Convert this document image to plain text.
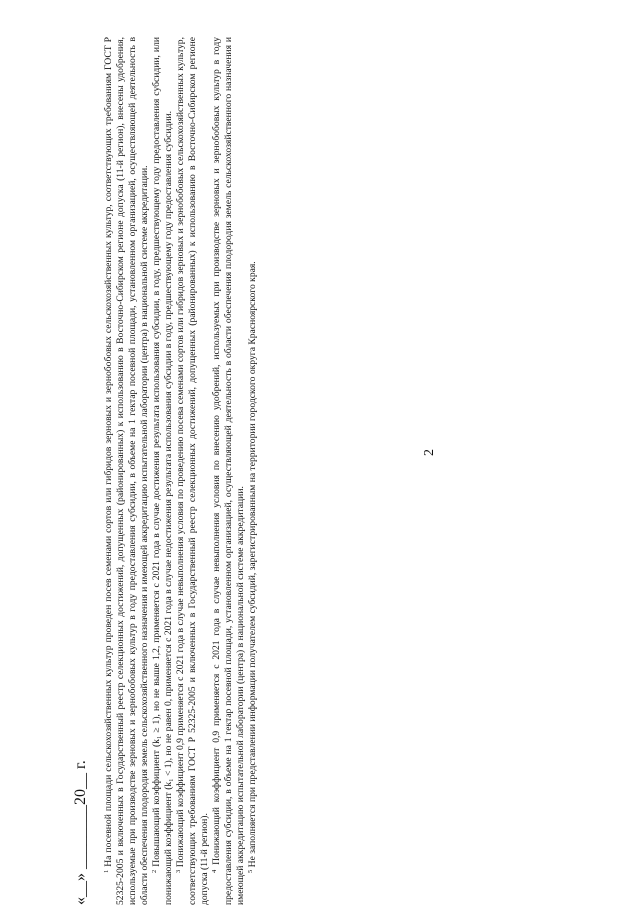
2
«__» ________20__ г. $^1$ На посевной площади сельскохозяйственных культур проведен посев семенами сортов или гибридов зерновых и зернобобовых сельскохозяйственных культур, соответствующих требованиям ГОСТ Р 52325-2005 и включенных в Государственный реестр селекционных достижений, допущенных (районированных) к использованию в Восточно-Сибирском регионе допуска (11-й регион), внесены удобрения, используемые при производстве зерновых и зернобобовых культур в году предоставления субсидии, в объеме на 1 гектар посевной площади, установленном организацией, осуществляющей деятельность в области обеспечения плодородия земель сельскохозяйственного назначения и имеющей аккредитацию испытательной лаборатории (центра) в национальной системе аккредитации. $^2$ Повышающий коэффициент (k₁ ≥ 1), но не выше 1,2, применяется с 2021 года в случае достижения результата использования субсидии, в году, предшествующему году предоставления субсидии, или понижающий коэффициент (k₁ < 1), но не равен 0, применяется с 2021 года в случае недостижения результата использования субсидии в году, предшествующему году предоставления субсидии. $^3$ Понижающий коэффициент 0,9 применяется с 2021 года в случае невыполнения условия по проведению посева семенами сортов или гибридов зерновых и зернобобовых сельскохозяйственных культур, соответствующих требованиям ГОСТ Р 52325-2005 и включенных в Государственный реестр селекционных достижений, допущенных (районированных) к использованию в Восточно-Сибирском регионе допуска (11-й регион). $^4$ Понижающий коэффициент 0,9 применяется с 2021 года в случае невыполнения условия по внесению удобрений, используемых при производстве зерновых и зернобобовых культур в году предоставления субсидии, в объеме на 1 гектар посевной площади, установленном организацией, осуществляющей деятельность в области обеспечения плодородия земель сельскохозяйственного назначения и имеющей аккредитацию испытательной лаборатории (центра) в национальной системе аккредитации. $^5$ Не заполняется при представлении информации получателем субсидий, зарегистрированным на территории городского округа Красноярского края.
